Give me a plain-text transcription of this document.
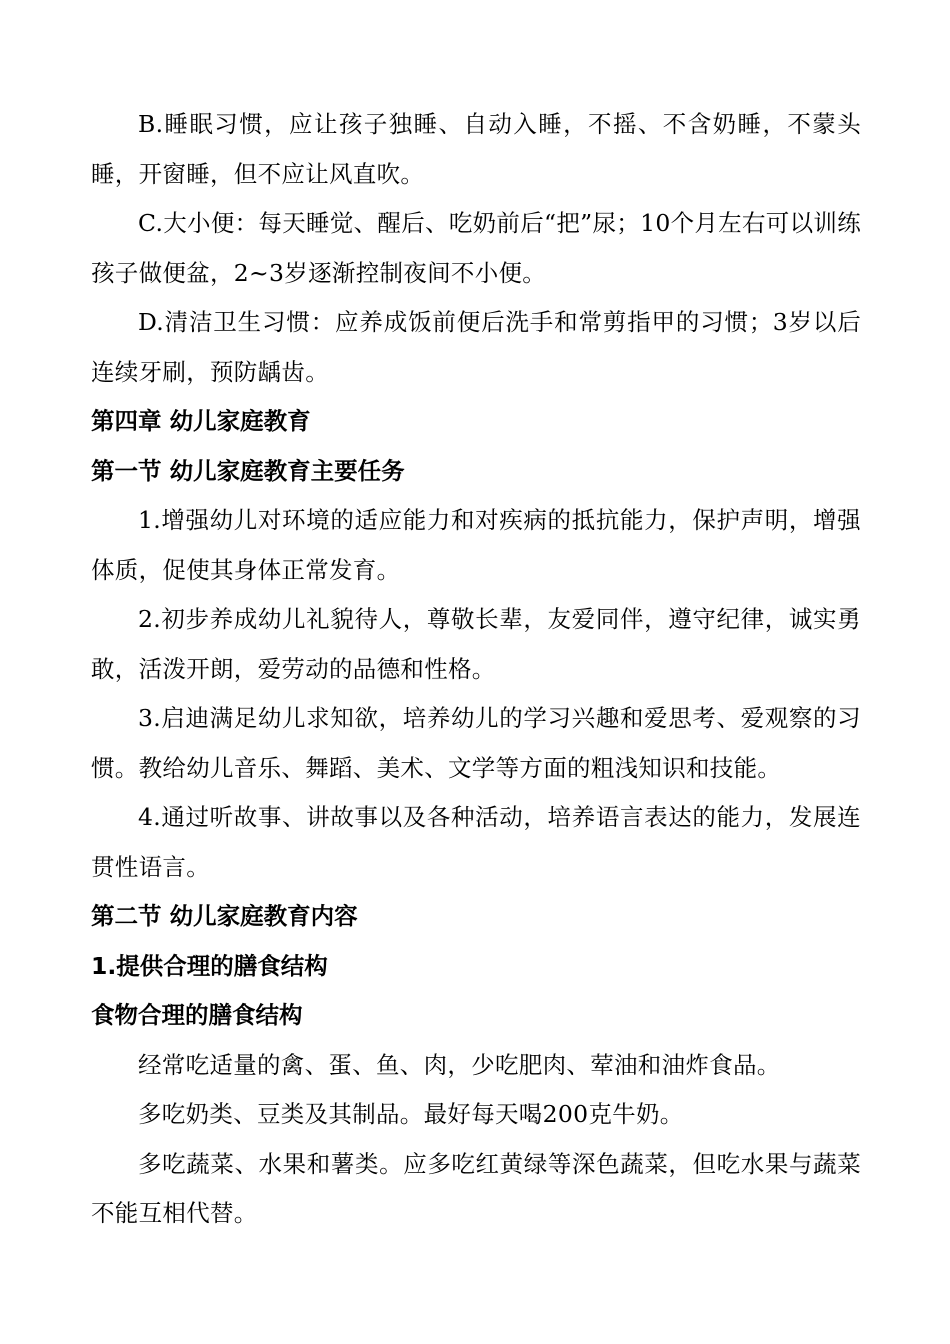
B.睡眠习惯，应让孩子独睡、自动入睡，不摇、不含奶睡，不蒙头睡，开窗睡，但不应让风直吹。

C.大小便：每天睡觉、醒后、吃奶前后“把”尿；10个月左右可以训练孩子做便盆，2~3岁逐渐控制夜间不小便。

D.清洁卫生习惯：应养成饭前便后洗手和常剪指甲的习惯；3岁以后连续牙刷，预防龋齿。

第四章 幼儿家庭教育

第一节 幼儿家庭教育主要任务

1.增强幼儿对环境的适应能力和对疾病的抵抗能力，保护声明，增强体质，促使其身体正常发育。

2.初步养成幼儿礼貌待人，尊敬长辈，友爱同伴，遵守纪律，诚实勇敢，活泼开朗，爱劳动的品德和性格。

3.启迪满足幼儿求知欲，培养幼儿的学习兴趣和爱思考、爱观察的习惯。教给幼儿音乐、舞蹈、美术、文学等方面的粗浅知识和技能。

4.通过听故事、讲故事以及各种活动，培养语言表达的能力，发展连贯性语言。

第二节 幼儿家庭教育内容

1.提供合理的膳食结构

食物合理的膳食结构

经常吃适量的禽、蛋、鱼、肉，少吃肥肉、荤油和油炸食品。

多吃奶类、豆类及其制品。最好每天喝200克牛奶。

多吃蔬菜、水果和薯类。应多吃红黄绿等深色蔬菜，但吃水果与蔬菜不能互相代替。
